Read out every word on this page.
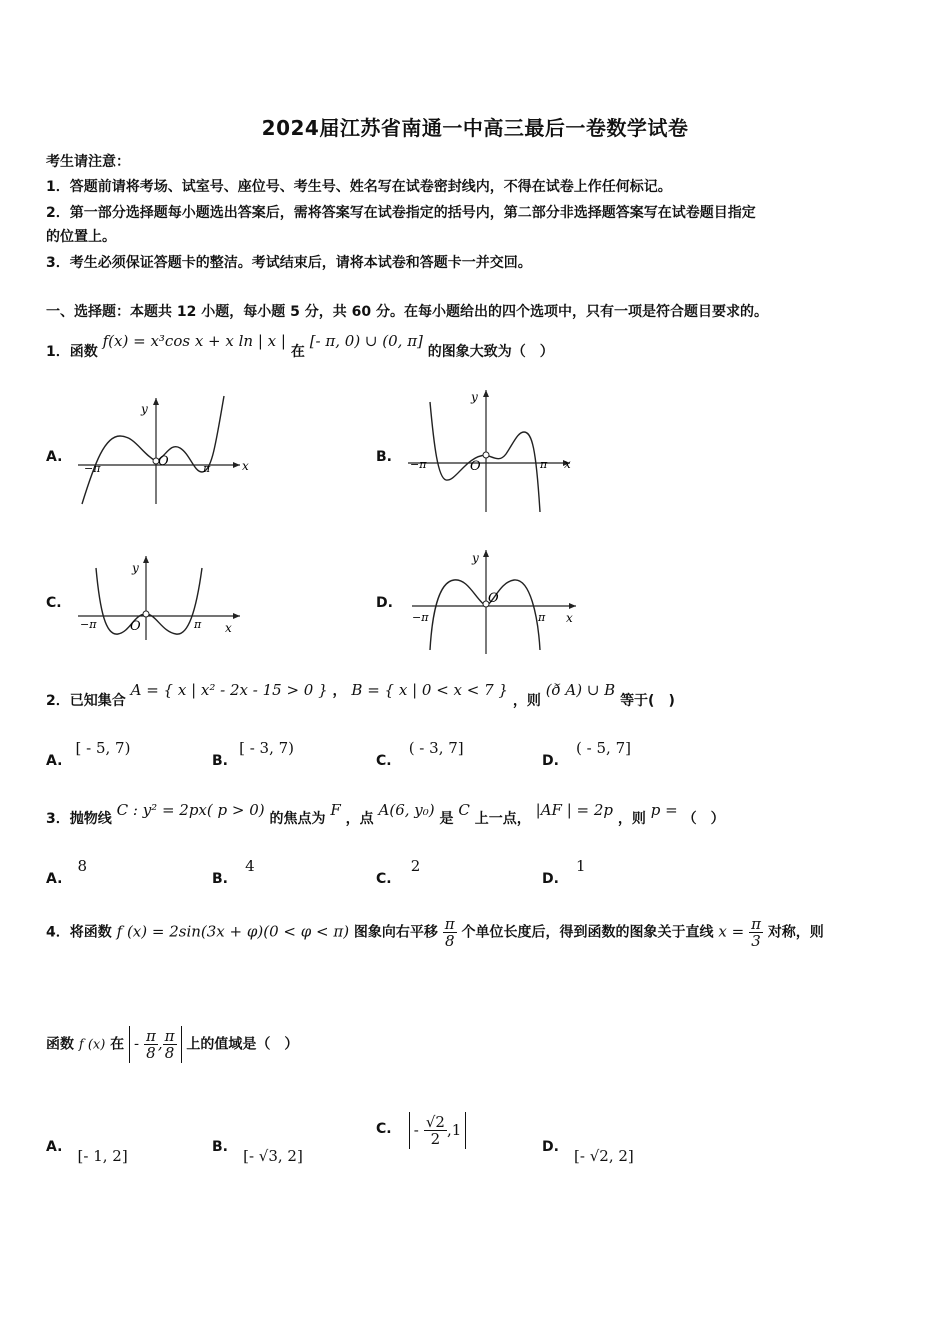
2024届江苏省南通一中高三最后一卷数学试卷
考生请注意：
1．答题前请将考场、试室号、座位号、考生号、姓名写在试卷密封线内，不得在试卷上作任何标记。
2．第一部分选择题每小题选出答案后，需将答案写在试卷指定的括号内，第二部分非选择题答案写在试卷题目指定
的位置上。
3．考生必须保证答题卡的整洁。考试结束后，请将本试卷和答题卡一并交回。
一、选择题：本题共 12 小题，每小题 5 分，共 60 分。在每小题给出的四个选项中，只有一项是符合题目要求的。
1．函数 f(x) = x³cos x + x ln | x | 在 [- π, 0) ∪ (0, π] 的图象大致为（　）
A.	B.
C.	D.
y
x
O
−π	π
y
x
O
−π	π
y
x
O
−π	π
y
x
O
−π	π
2．已知集合 A = { x | x² - 2x - 15 > 0 } ， B = { x | 0 < x < 7 } ，则 (ð A) ∪ B 等于(　)
A. [ - 5, 7)
B. [ - 3, 7)
C. ( - 3, 7]
D. ( - 5, 7]
3．抛物线 C : y² = 2px( p > 0) 的焦点为 F ，点 A(6, y₀) 是 C 上一点， |AF | = 2p ，则 p = （　）
A. 8
B. 4
C. 2
D. 1
4．将函数 f (x) = 2sin(3x + φ)(0 < φ < π) 图象向右平移 $\frac{\pi}{8}$ 个单位长度后，得到函数的图象关于直线 $x = \frac{\pi}{3}$ 对称，则
函数 f (x) 在 - $\frac{\pi}{8}$ , $\frac{\pi}{8}$ 上的值域是（　）
A. [- 1, 2]	B. [- √3, 2]
C. - $\frac{√2}{2} ,1$
D. [- √2, 2]
